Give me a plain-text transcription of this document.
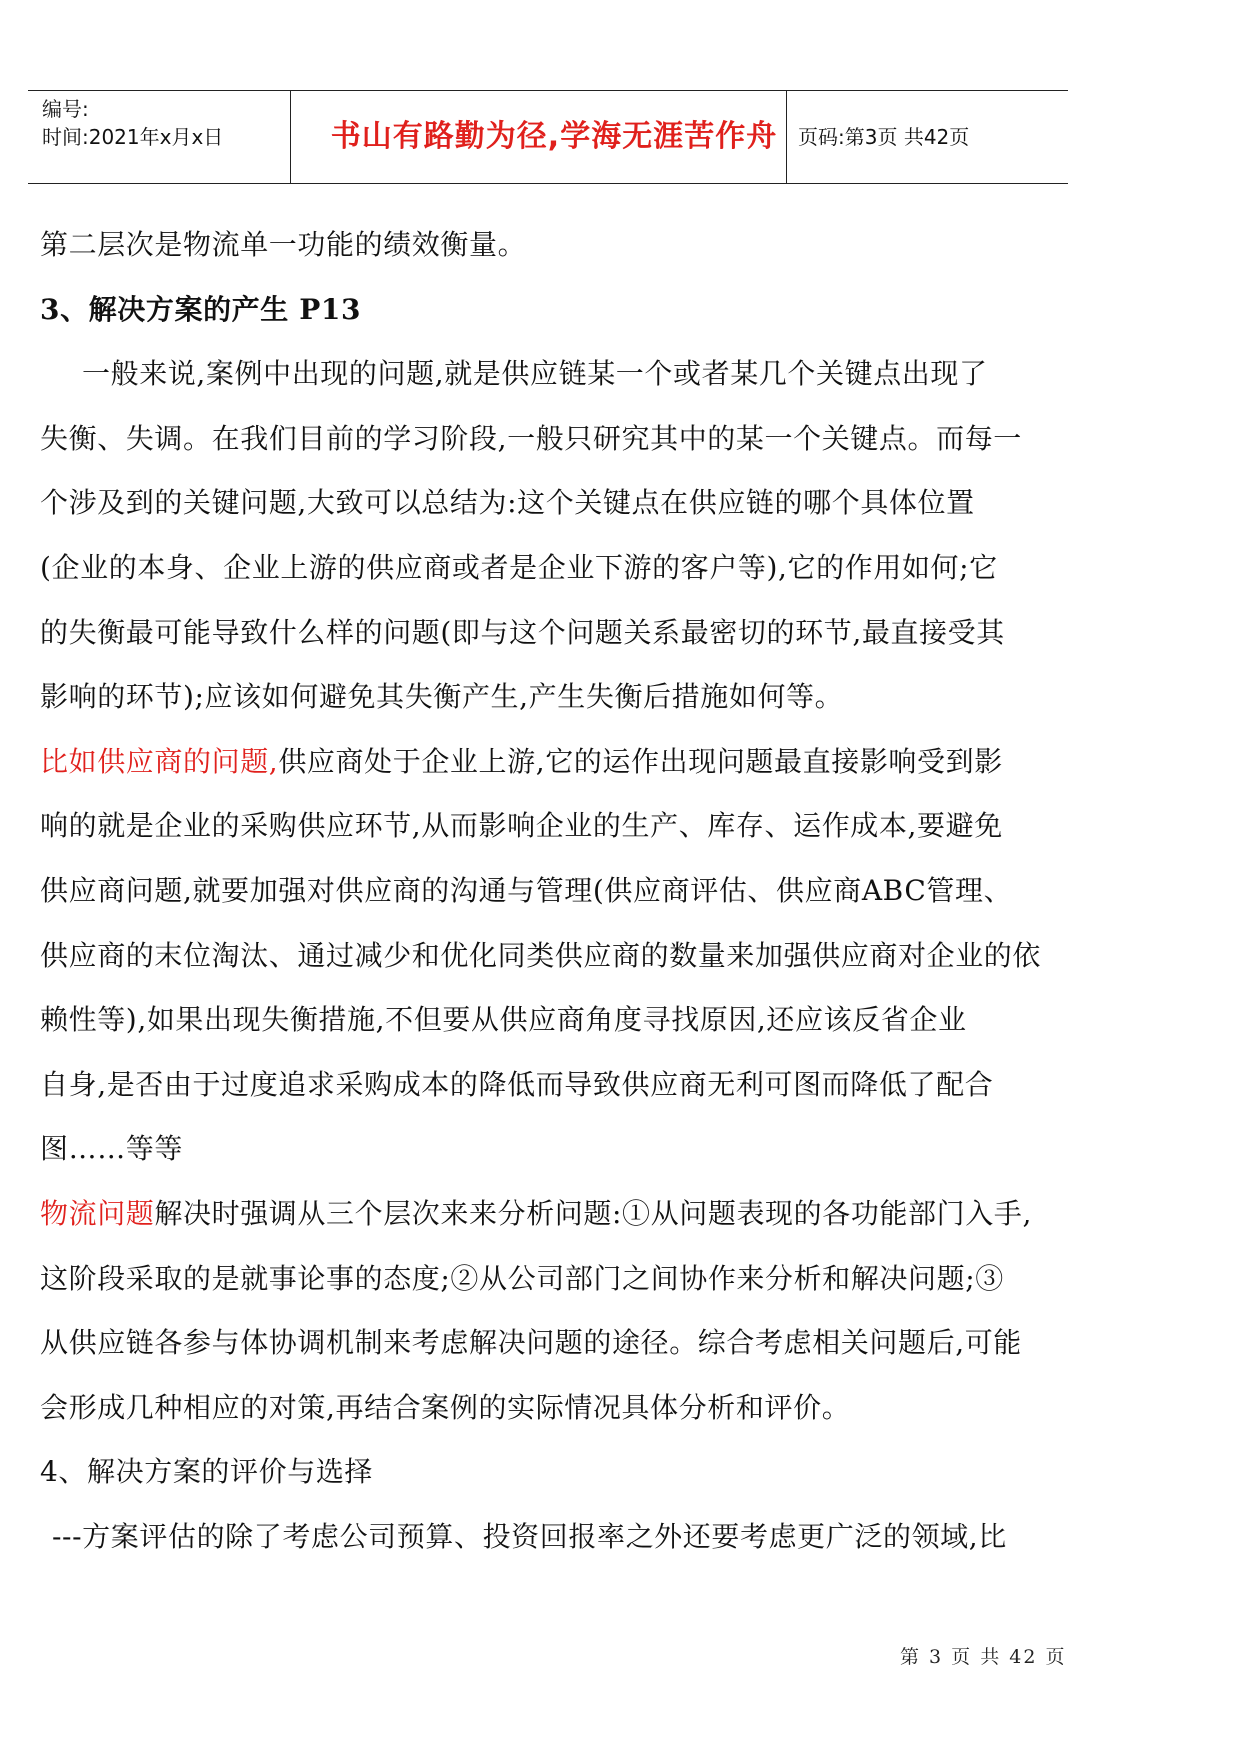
编号:
时间:2021年x月x日	书山有路勤为径,学海无涯苦作舟	页码:第3页 共42页

第二层次是物流单一功能的绩效衡量。

3、解决方案的产生 P13

一般来说,案例中出现的问题,就是供应链某一个或者某几个关键点出现了

失衡、失调。在我们目前的学习阶段,一般只研究其中的某一个关键点。而每一

个涉及到的关键问题,大致可以总结为:这个关键点在供应链的哪个具体位置

(企业的本身、企业上游的供应商或者是企业下游的客户等),它的作用如何;它

的失衡最可能导致什么样的问题(即与这个问题关系最密切的环节,最直接受其

影响的环节);应该如何避免其失衡产生,产生失衡后措施如何等。

比如供应商的问题,供应商处于企业上游,它的运作出现问题最直接影响受到影

响的就是企业的采购供应环节,从而影响企业的生产、库存、运作成本,要避免

供应商问题,就要加强对供应商的沟通与管理(供应商评估、供应商ABC管理、

供应商的末位淘汰、通过减少和优化同类供应商的数量来加强供应商对企业的依

赖性等),如果出现失衡措施,不但要从供应商角度寻找原因,还应该反省企业

自身,是否由于过度追求采购成本的降低而导致供应商无利可图而降低了配合

图……等等

物流问题解决时强调从三个层次来来分析问题:①从问题表现的各功能部门入手,

这阶段采取的是就事论事的态度;②从公司部门之间协作来分析和解决问题;③

从供应链各参与体协调机制来考虑解决问题的途径。综合考虑相关问题后,可能

会形成几种相应的对策,再结合案例的实际情况具体分析和评价。

4、解决方案的评价与选择

---方案评估的除了考虑公司预算、投资回报率之外还要考虑更广泛的领域,比

第 3 页 共 42 页
